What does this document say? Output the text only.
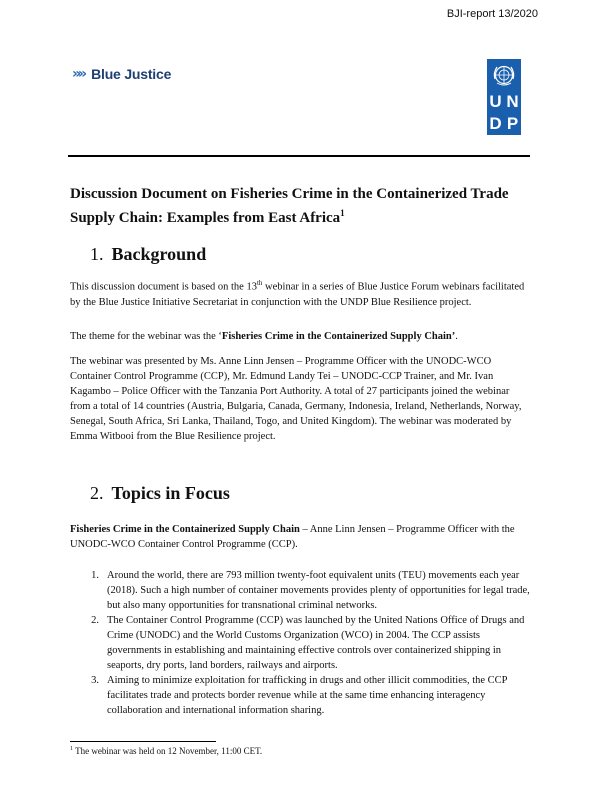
BJI-report 13/2020
»» Blue Justice
U N
D P
Discussion Document on Fisheries Crime in the Containerized Trade Supply Chain: Examples from East Africa$^1$
1. Background

This discussion document is based on the 13th webinar in a series of Blue Justice Forum webinars facilitated by the Blue Justice Initiative Secretariat in conjunction with the UNDP Blue Resilience project.

The theme for the webinar was the ‘Fisheries Crime in the Containerized Supply Chain’.

The webinar was presented by Ms. Anne Linn Jensen – Programme Officer with the UNODC-WCO Container Control Programme (CCP), Mr. Edmund Landy Tei – UNODC-CCP Trainer, and Mr. Ivan Kagambo – Police Officer with the Tanzania Port Authority. A total of 27 participants joined the webinar from a total of 14 countries (Austria, Bulgaria, Canada, Germany, Indonesia, Ireland, Netherlands, Norway, Senegal, South Africa, Sri Lanka, Thailand, Togo, and United Kingdom). The webinar was moderated by Emma Witbooi from the Blue Resilience project.

2. Topics in Focus

Fisheries Crime in the Containerized Supply Chain – Anne Linn Jensen – Programme Officer with the UNODC-WCO Container Control Programme (CCP).

1. Around the world, there are 793 million twenty-foot equivalent units (TEU) movements each year (2018). Such a high number of container movements provides plenty of opportunities for legal trade, but also many opportunities for transnational criminal networks.
2. The Container Control Programme (CCP) was launched by the United Nations Office of Drugs and Crime (UNODC) and the World Customs Organization (WCO) in 2004. The CCP assists governments in establishing and maintaining effective controls over containerized shipping in seaports, dry ports, land borders, railways and airports.
3. Aiming to minimize exploitation for trafficking in drugs and other illicit commodities, the CCP facilitates trade and protects border revenue while at the same time enhancing interagency collaboration and international information sharing.
$^1$ The webinar was held on 12 November, 11:00 CET.
